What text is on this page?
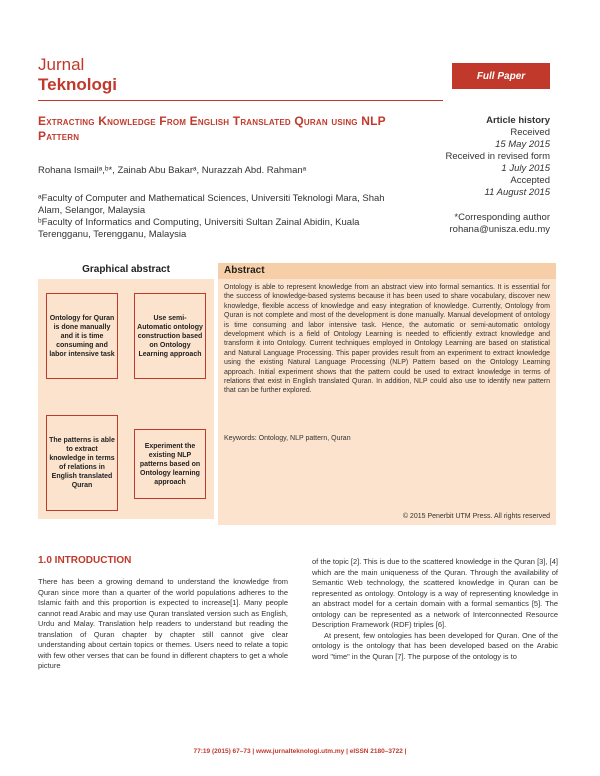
Jurnal
Teknologi	Full Paper
Extracting Knowledge From English Translated Quran using NLP Pattern
Rohana Ismailᵃ,ᵇ*, Zainab Abu Bakarᵃ, Nurazzah Abd. Rahmanᵃ
ᵃFaculty of Computer and Mathematical Sciences, Universiti Teknologi Mara, Shah Alam, Selangor, Malaysia
ᵇFaculty of Informatics and Computing, Universiti Sultan Zainal Abidin, Kuala Terengganu, Terengganu, Malaysia
Article history
Received
15 May 2015
Received in revised form
1 July 2015
Accepted
11 August 2015
*Corresponding author
rohana@unisza.edu.my
Graphical abstract
Ontology for Quran is done manually and it is time consuming and labor intensive task
Use semi-Automatic ontology construction based on Ontology Learning approach
The patterns is able to extract knowledge in terms of relations in English translated Quran
Experiment the existing NLP patterns based on Ontology learning approach
Abstract
Ontology is able to represent knowledge from an abstract view into formal semantics. It is essential for the success of knowledge-based systems because it has been used to share vocabulary, discover new knowledge, flexible access of knowledge and easy integration of knowledge. Currently, Ontology from Quran is not complete and most of the development is done manually. Manual development of ontology is time consuming and labor intensive task. Hence, the automatic or semi-automatic ontology development which is a field of Ontology Learning is needed to efficiently extract knowledge and transform it into Ontology. Current techniques employed in Ontology Learning are based on statistical and Natural Language Processing. This paper provides result from an experiment to extract knowledge using the existing Natural Language Processing (NLP) Pattern based on the Ontology Learning approach. Initial experiment shows that the pattern could be used to extract knowledge in terms of relations that exist in English translated Quran. In addition, NLP could also use to identify new pattern that can be further explored.
Keywords: Ontology, NLP pattern, Quran
© 2015 Penerbit UTM Press. All rights reserved
1.0 INTRODUCTION
There has been a growing demand to understand the knowledge from Quran since more than a quarter of the world populations adheres to the Islamic faith and this proportion is expected to increase[1]. Many people cannot read Arabic and may use Quran translated version such as English, Urdu and Malay. Translation help readers to understand but reading the translation of Quran chapter by chapter still cannot give clear understanding about certain topics or themes. Users need to relate a topic with few other verses that can be found in different chapters to get a whole picture

of the topic [2]. This is due to the scattered knowledge in the Quran [3], [4] which are the main uniqueness of the Quran. Through the availability of Semantic Web technology, the scattered knowledge in Quran can be represented as ontology. Ontology is a way of representing knowledge in an abstract model for a certain domain with a formal semantics [5]. The ontology can be represented as a network of Interconnected Resource Description Framework (RDF) triples [6].

At present, few ontologies has been developed for Quran. One of the ontology is the ontology that has been developed based on the Arabic word "time" in the Quran [7]. The purpose of the ontology is to

77:19 (2015) 67–73 | www.jurnalteknologi.utm.my | eISSN 2180–3722 |
